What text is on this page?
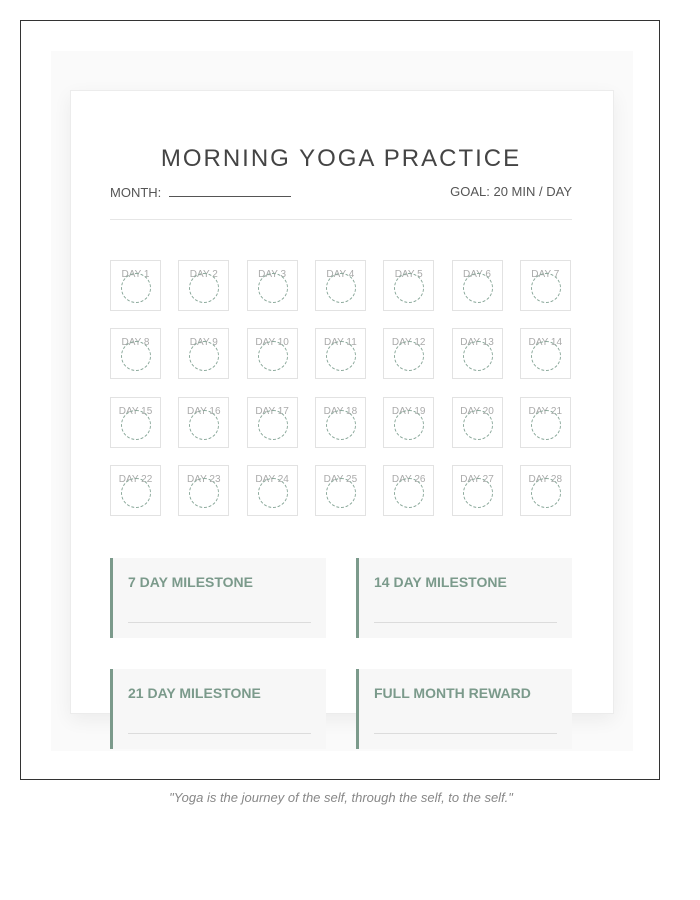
MORNING YOGA PRACTICE
MONTH:	GOAL: 20 MIN / DAY
DAY 1	DAY 2	DAY 3	DAY 4	DAY 5	DAY 6	DAY 7
DAY 8	DAY 9	DAY 10	DAY 11	DAY 12	DAY 13	DAY 14
DAY 15	DAY 16	DAY 17	DAY 18	DAY 19	DAY 20	DAY 21
DAY 22	DAY 23	DAY 24	DAY 25	DAY 26	DAY 27	DAY 28
7 DAY MILESTONE	14 DAY MILESTONE
21 DAY MILESTONE	FULL MONTH REWARD
"Yoga is the journey of the self, through the self, to the self."
